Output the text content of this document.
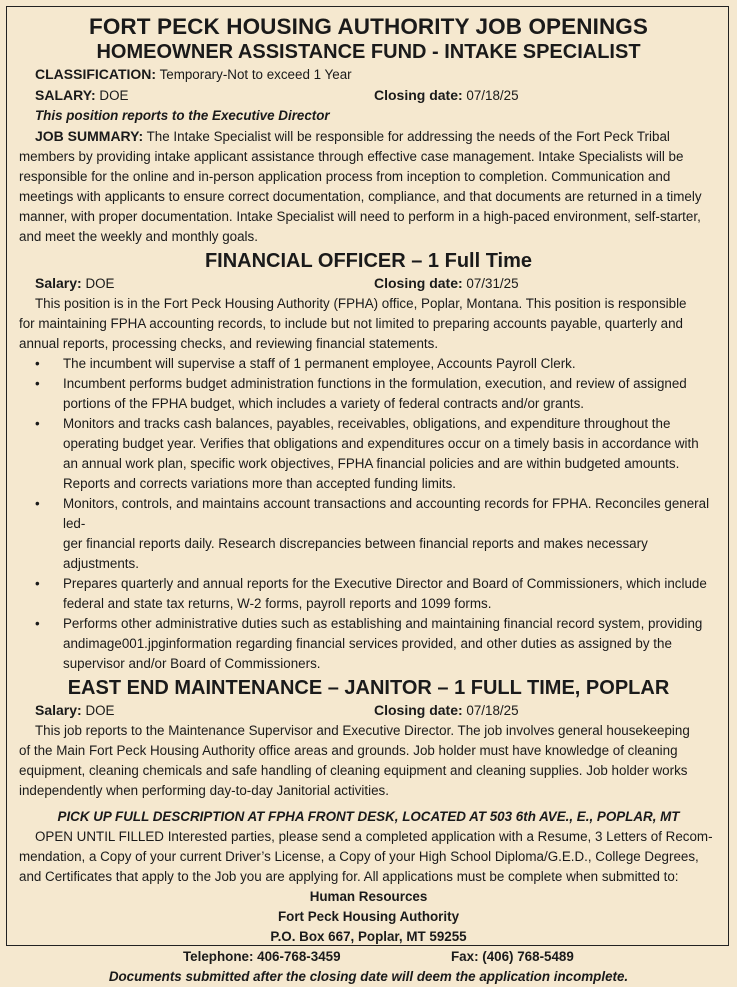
FORT PECK HOUSING AUTHORITY JOB OPENINGS
HOMEOWNER ASSISTANCE FUND - INTAKE SPECIALIST
CLASSIFICATION: Temporary-Not to exceed 1 Year
SALARY: DOE	Closing date: 07/18/25
This position reports to the Executive Director
JOB SUMMARY: The Intake Specialist will be responsible for addressing the needs of the Fort Peck Tribal
members by providing intake applicant assistance through effective case management. Intake Specialists will be
responsible for the online and in-person application process from inception to completion. Communication and
meetings with applicants to ensure correct documentation, compliance, and that documents are returned in a timely
manner, with proper documentation. Intake Specialist will need to perform in a high-paced environment, self-starter,
and meet the weekly and monthly goals.
FINANCIAL OFFICER – 1 Full Time
Salary: DOE	Closing date: 07/31/25
This position is in the Fort Peck Housing Authority (FPHA) office, Poplar, Montana. This position is responsible
for maintaining FPHA accounting records, to include but not limited to preparing accounts payable, quarterly and
annual reports, processing checks, and reviewing financial statements.
• The incumbent will supervise a staff of 1 permanent employee, Accounts Payroll Clerk.
• Incumbent performs budget administration functions in the formulation, execution, and review of assigned
portions of the FPHA budget, which includes a variety of federal contracts and/or grants.
• Monitors and tracks cash balances, payables, receivables, obligations, and expenditure throughout the
operating budget year. Verifies that obligations and expenditures occur on a timely basis in accordance with
an annual work plan, specific work objectives, FPHA financial policies and are within budgeted amounts.
Reports and corrects variations more than accepted funding limits.
• Monitors, controls, and maintains account transactions and accounting records for FPHA. Reconciles general led-
ger financial reports daily. Research discrepancies between financial reports and makes necessary adjustments.
• Prepares quarterly and annual reports for the Executive Director and Board of Commissioners, which include
federal and state tax returns, W-2 forms, payroll reports and 1099 forms.
• Performs other administrative duties such as establishing and maintaining financial record system, providing
andimage001.jpginformation regarding financial services provided, and other duties as assigned by the
supervisor and/or Board of Commissioners.
EAST END MAINTENANCE – JANITOR – 1 FULL TIME, POPLAR
Salary: DOE	Closing date: 07/18/25
This job reports to the Maintenance Supervisor and Executive Director. The job involves general housekeeping
of the Main Fort Peck Housing Authority office areas and grounds. Job holder must have knowledge of cleaning
equipment, cleaning chemicals and safe handling of cleaning equipment and cleaning supplies. Job holder works
independently when performing day-to-day Janitorial activities.
PICK UP FULL DESCRIPTION AT FPHA FRONT DESK, LOCATED AT 503 6th AVE., E., POPLAR, MT
OPEN UNTIL FILLED Interested parties, please send a completed application with a Resume, 3 Letters of Recom-
mendation, a Copy of your current Driver’s License, a Copy of your High School Diploma/G.E.D., College Degrees,
and Certificates that apply to the Job you are applying for. All applications must be complete when submitted to:
Human Resources
Fort Peck Housing Authority
P.O. Box 667, Poplar, MT 59255
Telephone: 406-768-3459	Fax: (406) 768-5489
Documents submitted after the closing date will deem the application incomplete.
